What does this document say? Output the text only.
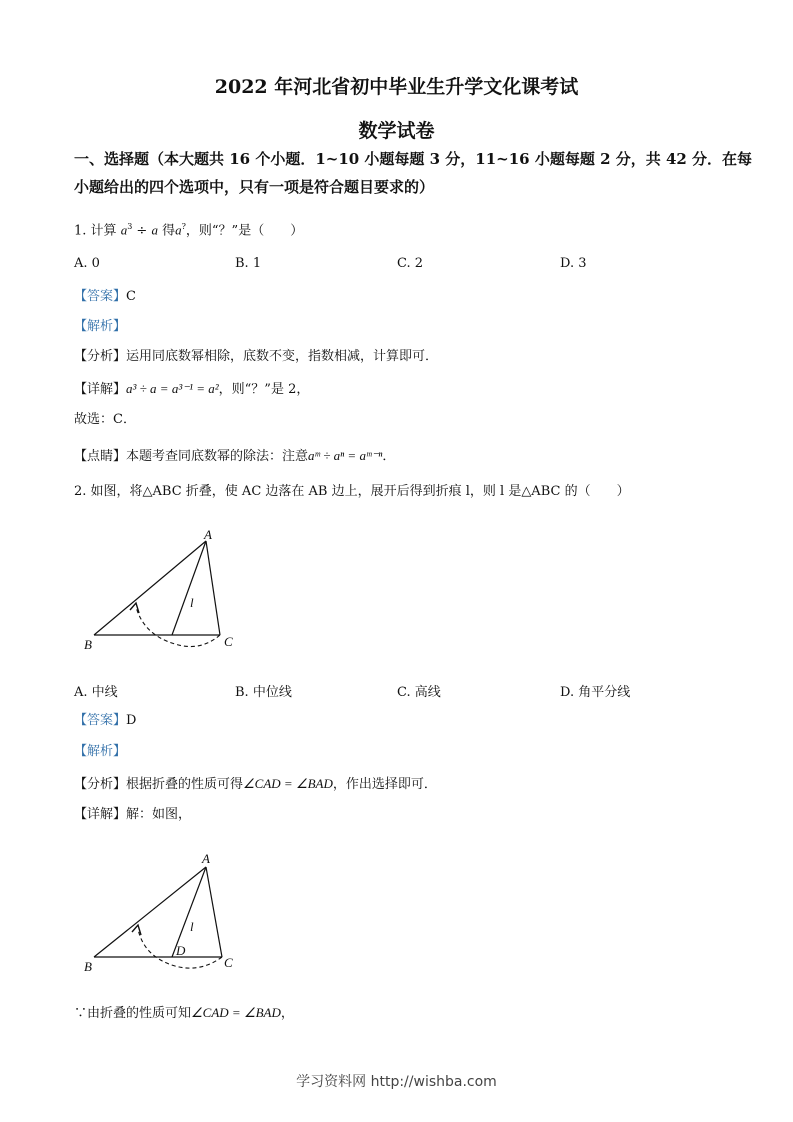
2022 年河北省初中毕业生升学文化课考试
数学试卷
一、选择题（本大题共 16 个小题．1~10 小题每题 3 分，11~16 小题每题 2 分，共 42 分．在每
小题给出的四个选项中，只有一项是符合题目要求的）
1. 计算 $a^3 \div a$ 得a?，则“？”是（　　）
A. 0	B. 1	C. 2	D. 3
【答案】C
【解析】
【分析】运用同底数幂相除，底数不变，指数相减，计算即可．
【详解】a³ ÷ a = a³⁻¹ = a²，则“？”是 2，
故选：C．
【点睛】本题考查同底数幂的除法：注意aᵐ ÷ aⁿ = aᵐ⁻ⁿ．
2. 如图，将△ABC 折叠，使 AC 边落在 AB 边上，展开后得到折痕 l，则 l 是△ABC 的（　　）
A
B	C
l
A. 中线	B. 中位线	C. 高线	D. 角平分线
【答案】D
【解析】
【分析】根据折叠的性质可得∠CAD = ∠BAD，作出选择即可．
【详解】解：如图，
A
B	C
D
l
∵由折叠的性质可知∠CAD = ∠BAD，
学习资料网 http://wishba.com
